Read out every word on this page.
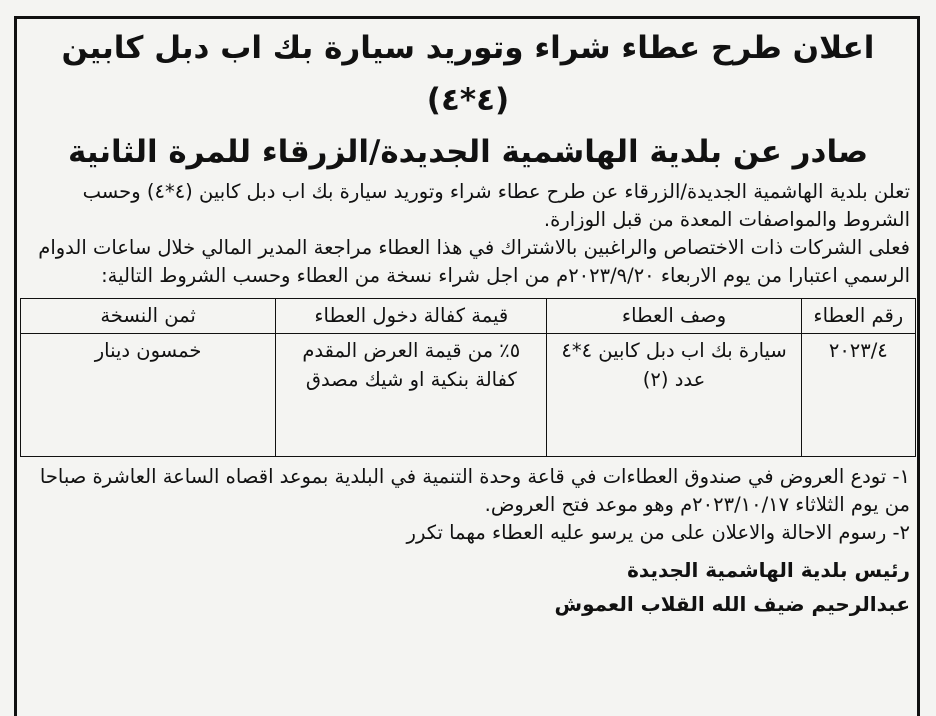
اعلان طرح عطاء شراء وتوريد سيارة بك اب دبل كابين (٤*٤)
صادر عن بلدية الهاشمية الجديدة/الزرقاء للمرة الثانية

تعلن بلدية الهاشمية الجديدة/الزرقاء عن طرح عطاء شراء وتوريد سيارة بك اب دبل كابين (٤*٤) وحسب الشروط والمواصفات المعدة من قبل الوزارة.

فعلى الشركات ذات الاختصاص والراغبين بالاشتراك في هذا العطاء مراجعة المدير المالي خلال ساعات الدوام الرسمي اعتبارا من يوم الاربعاء ٢٠٢٣/٩/٢٠م من اجل شراء نسخة من العطاء وحسب الشروط التالية:

رقم العطاء	وصف العطاء	قيمة كفالة دخول العطاء	ثمن النسخة
٢٠٢٣/٤	سيارة بك اب دبل كابين ٤*٤ عدد (٢)	٥٪ من قيمة العرض المقدم كفالة بنكية او شيك مصدق	خمسون دينار

١- تودع العروض في صندوق العطاءات في قاعة وحدة التنمية في البلدية بموعد اقصاه الساعة العاشرة صباحا من يوم الثلاثاء ٢٠٢٣/١٠/١٧م وهو موعد فتح العروض.

٢- رسوم الاحالة والاعلان على من يرسو عليه العطاء مهما تكرر

رئيس بلدية الهاشمية الجديدة
عبدالرحيم ضيف الله القلاب العموش
